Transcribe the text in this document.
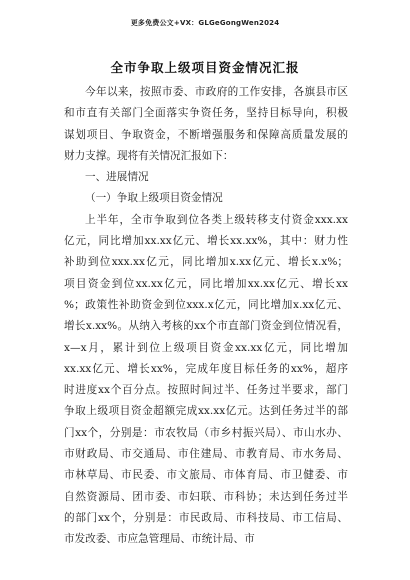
更多免费公文+VX：GLGeGongWen2024
全市争取上级项目资金情况汇报
今年以来，按照市委、市政府的工作安排，各旗县市区
和市直有关部门全面落实争资任务，坚持目标导向，积极
谋划项目、争取资金，不断增强服务和保障高质量发展的
财力支撑。现将有关情况汇报如下：
一、进展情况
（一）争取上级项目资金情况
上半年，全市争取到位各类上级转移支付资金xxx.xx
亿元，同比增加xx.xx亿元、增长xx.xx%，其中：财力性
补助到位xxx.xx亿元，同比增加x.xx亿元、增长x.x%；
项目资金到位xx.xx亿元，同比增加xx.xx亿元、增长xx
%；政策性补助资金到位xxx.x亿元，同比增加x.xx亿元、
增长x.xx%。从纳入考核的xx个市直部门资金到位情况看，
x—x月，累计到位上级项目资金xx.xx亿元，同比增加
xx.xx亿元、增长xx%，完成年度目标任务的xx%，超序
时进度xx个百分点。按照时间过半、任务过半要求，部门
争取上级项目资金超额完成xx.xx亿元。达到任务过半的部
门xx个，分别是：市农牧局（市乡村振兴局）、市山水办、
市财政局、市交通局、市住建局、市教育局、市水务局、
市林草局、市民委、市文旅局、市体育局、市卫健委、市
自然资源局、团市委、市妇联、市科协；未达到任务过半
的部门xx个，分别是：市民政局、市科技局、市工信局、
市发改委、市应急管理局、市统计局、市
